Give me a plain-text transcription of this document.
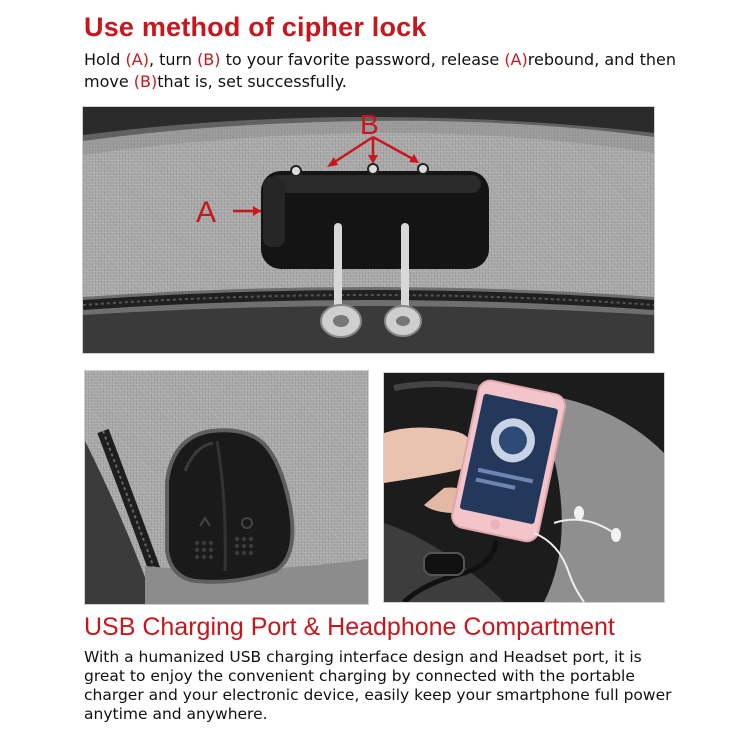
Use method of cipher lock
Hold (A), turn (B) to your favorite password, release (A)rebound, and then move (B)that is, set successfully.
A
B
USB Charging Port & Headphone Compartment
With a humanized USB charging interface design and Headset port, it is great to enjoy the convenient charging by connected with the portable charger and your electronic device, easily keep your smartphone full power anytime and anywhere.
